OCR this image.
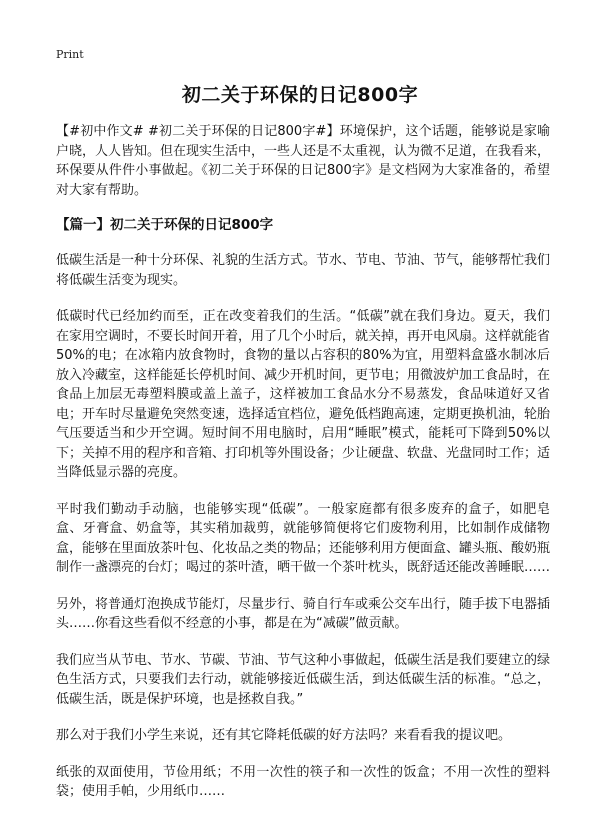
Print
初二关于环保的日记800字

【#初中作文# #初二关于环保的日记800字#】环境保护，这个话题，能够说是家喻户晓，人人皆知。但在现实生活中，一些人还是不太重视，认为微不足道，在我看来，环保要从件件小事做起。《初二关于环保的日记800字》是文档网为大家准备的，希望对大家有帮助。

【篇一】初二关于环保的日记800字

低碳生活是一种十分环保、礼貌的生活方式。节水、节电、节油、节气，能够帮忙我们将低碳生活变为现实。

低碳时代已经加约而至，正在改变着我们的生活。“低碳”就在我们身边。夏天，我们在家用空调时，不要长时间开着，用了几个小时后，就关掉，再开电风扇。这样就能省50%的电；在冰箱内放食物时，食物的量以占容积的80%为宜，用塑料盒盛水制冰后放入冷藏室，这样能延长停机时间、减少开机时间，更节电；用微波炉加工食品时，在食品上加层无毒塑料膜或盖上盖子，这样被加工食品水分不易蒸发，食品味道好又省电；开车时尽量避免突然变速，选择适宜档位，避免低档跑高速，定期更换机油，轮胎气压要适当和少开空调。短时间不用电脑时，启用“睡眠”模式，能耗可下降到50%以下；关掉不用的程序和音箱、打印机等外围设备；少让硬盘、软盘、光盘同时工作；适当降低显示器的亮度。

平时我们勤动手动脑，也能够实现“低碳”。一般家庭都有很多废弃的盒子，如肥皂盒、牙膏盒、奶盒等，其实稍加裁剪，就能够简便将它们废物利用，比如制作成储物盒，能够在里面放茶叶包、化妆品之类的物品；还能够利用方便面盒、罐头瓶、酸奶瓶制作一盏漂亮的台灯；喝过的茶叶渣，晒干做一个茶叶枕头，既舒适还能改善睡眠……

另外，将普通灯泡换成节能灯，尽量步行、骑自行车或乘公交车出行，随手拔下电器插头……你看这些看似不经意的小事，都是在为“减碳”做贡献。

我们应当从节电、节水、节碳、节油、节气这种小事做起，低碳生活是我们要建立的绿色生活方式，只要我们去行动，就能够接近低碳生活，到达低碳生活的标准。“总之，低碳生活，既是保护环境，也是拯救自我。”

那么对于我们小学生来说，还有其它降耗低碳的好方法吗？来看看我的提议吧。

纸张的双面使用，节俭用纸；不用一次性的筷子和一次性的饭盒；不用一次性的塑料袋；使用手帕，少用纸巾……
